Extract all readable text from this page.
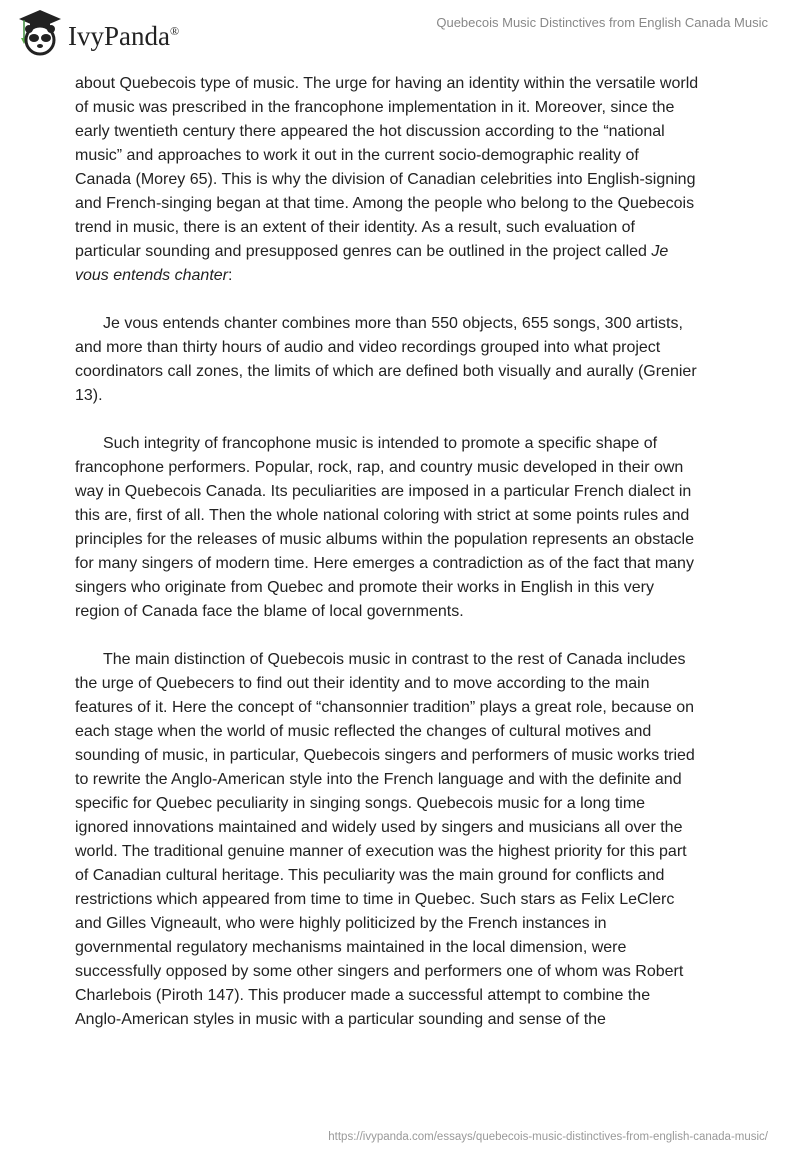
IvyPanda®
Quebecois Music Distinctives from English Canada Music
about Quebecois type of music. The urge for having an identity within the versatile world
of music was prescribed in the francophone implementation in it. Moreover, since the
early twentieth century there appeared the hot discussion according to the “national
music” and approaches to work it out in the current socio-demographic reality of
Canada (Morey 65). This is why the division of Canadian celebrities into English-signing
and French-singing began at that time. Among the people who belong to the Quebecois
trend in music, there is an extent of their identity. As a result, such evaluation of
particular sounding and presupposed genres can be outlined in the project called Je
vous entends chanter:
Je vous entends chanter combines more than 550 objects, 655 songs, 300 artists,
and more than thirty hours of audio and video recordings grouped into what project
coordinators call zones, the limits of which are defined both visually and aurally (Grenier
13).
Such integrity of francophone music is intended to promote a specific shape of
francophone performers. Popular, rock, rap, and country music developed in their own
way in Quebecois Canada. Its peculiarities are imposed in a particular French dialect in
this are, first of all. Then the whole national coloring with strict at some points rules and
principles for the releases of music albums within the population represents an obstacle
for many singers of modern time. Here emerges a contradiction as of the fact that many
singers who originate from Quebec and promote their works in English in this very
region of Canada face the blame of local governments.
The main distinction of Quebecois music in contrast to the rest of Canada includes
the urge of Quebecers to find out their identity and to move according to the main
features of it. Here the concept of “chansonnier tradition” plays a great role, because on
each stage when the world of music reflected the changes of cultural motives and
sounding of music, in particular, Quebecois singers and performers of music works tried
to rewrite the Anglo-American style into the French language and with the definite and
specific for Quebec peculiarity in singing songs. Quebecois music for a long time
ignored innovations maintained and widely used by singers and musicians all over the
world. The traditional genuine manner of execution was the highest priority for this part
of Canadian cultural heritage. This peculiarity was the main ground for conflicts and
restrictions which appeared from time to time in Quebec. Such stars as Felix LeClerc
and Gilles Vigneault, who were highly politicized by the French instances in
governmental regulatory mechanisms maintained in the local dimension, were
successfully opposed by some other singers and performers one of whom was Robert
Charlebois (Piroth 147). This producer made a successful attempt to combine the
Anglo-American styles in music with a particular sounding and sense of the
https://ivypanda.com/essays/quebecois-music-distinctives-from-english-canada-music/
